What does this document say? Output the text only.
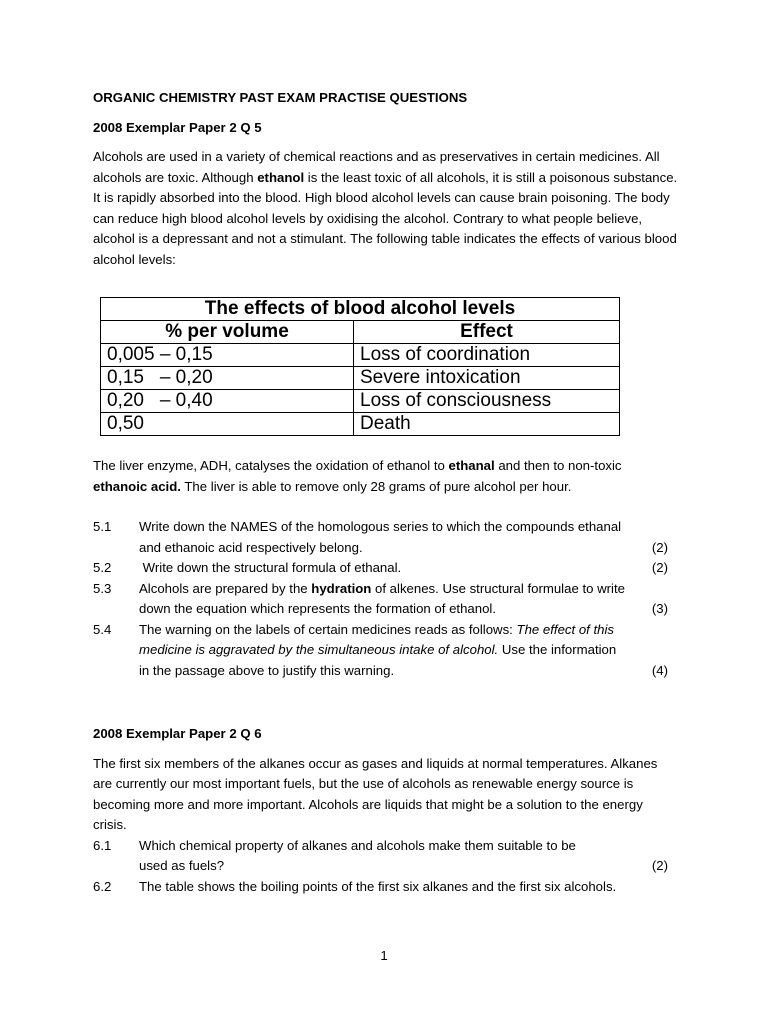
ORGANIC CHEMISTRY PAST EXAM PRACTISE QUESTIONS

2008 Exemplar Paper 2 Q 5

Alcohols are used in a variety of chemical reactions and as preservatives in certain medicines. All alcohols are toxic. Although ethanol is the least toxic of all alcohols, it is still a poisonous substance. It is rapidly absorbed into the blood. High blood alcohol levels can cause brain poisoning. The body can reduce high blood alcohol levels by oxidising the alcohol. Contrary to what people believe, alcohol is a depressant and not a stimulant. The following table indicates the effects of various blood alcohol levels:

The effects of blood alcohol levels	
% per volume	Effect
0,005 – 0,15	Loss of coordination
0,15   – 0,20	Severe intoxication
0,20   – 0,40	Loss of consciousness
0,50	Death

The liver enzyme, ADH, catalyses the oxidation of ethanol to ethanal and then to non-toxic ethanoic acid. The liver is able to remove only 28 grams of pure alcohol per hour.

5.1 Write down the NAMES of the homologous series to which the compounds ethanal and ethanoic acid respectively belong.	(2)
5.2 Write down the structural formula of ethanal.	(2)
5.3 Alcohols are prepared by the hydration of alkenes. Use structural formulae to write down the equation which represents the formation of ethanol.	(3)
5.4 The warning on the labels of certain medicines reads as follows: The effect of this medicine is aggravated by the simultaneous intake of alcohol. Use the information in the passage above to justify this warning.	(4)

2008 Exemplar Paper 2 Q 6

The first six members of the alkanes occur as gases and liquids at normal temperatures. Alkanes are currently our most important fuels, but the use of alcohols as renewable energy source is becoming more and more important. Alcohols are liquids that might be a solution to the energy crisis.

6.1 Which chemical property of alkanes and alcohols make them suitable to be used as fuels?	(2)
6.2 The table shows the boiling points of the first six alkanes and the first six alcohols.
1
